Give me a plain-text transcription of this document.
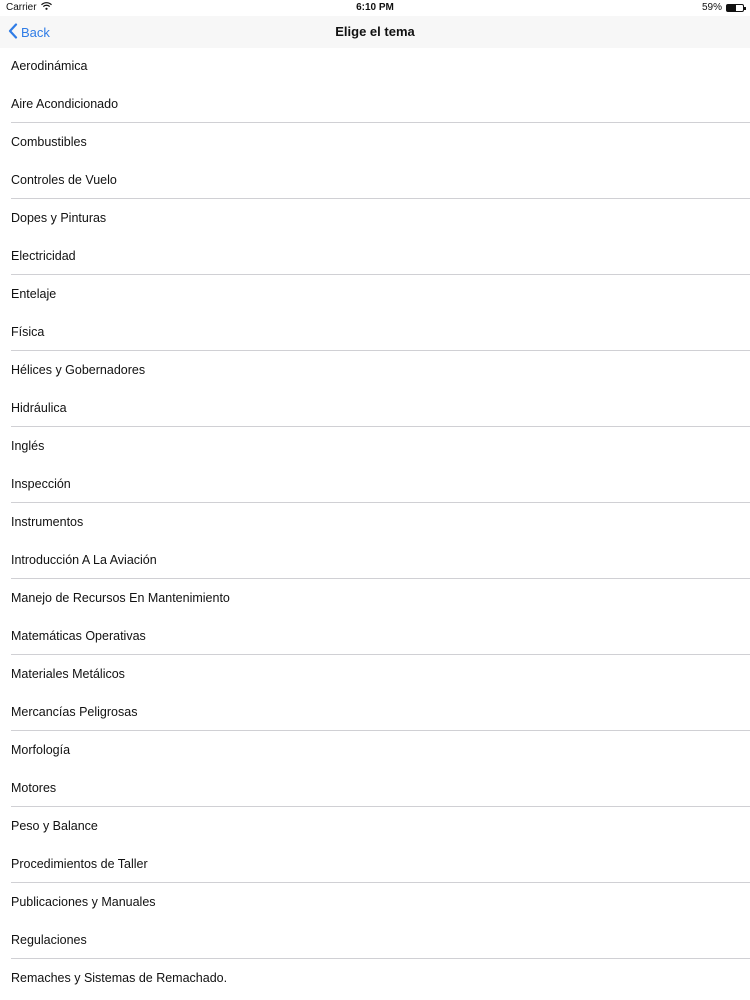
Carrier	6:10 PM	59%
Back	Elige el tema
Aerodinámica
Aire Acondicionado
Combustibles
Controles de Vuelo
Dopes y Pinturas
Electricidad
Entelaje
Física
Hélices y Gobernadores
Hidráulica
Inglés
Inspección
Instrumentos
Introducción A La Aviación
Manejo de Recursos En Mantenimiento
Matemáticas Operativas
Materiales Metálicos
Mercancías Peligrosas
Morfología
Motores
Peso y Balance
Procedimientos de Taller
Publicaciones y Manuales
Regulaciones
Remaches y Sistemas de Remachado.
